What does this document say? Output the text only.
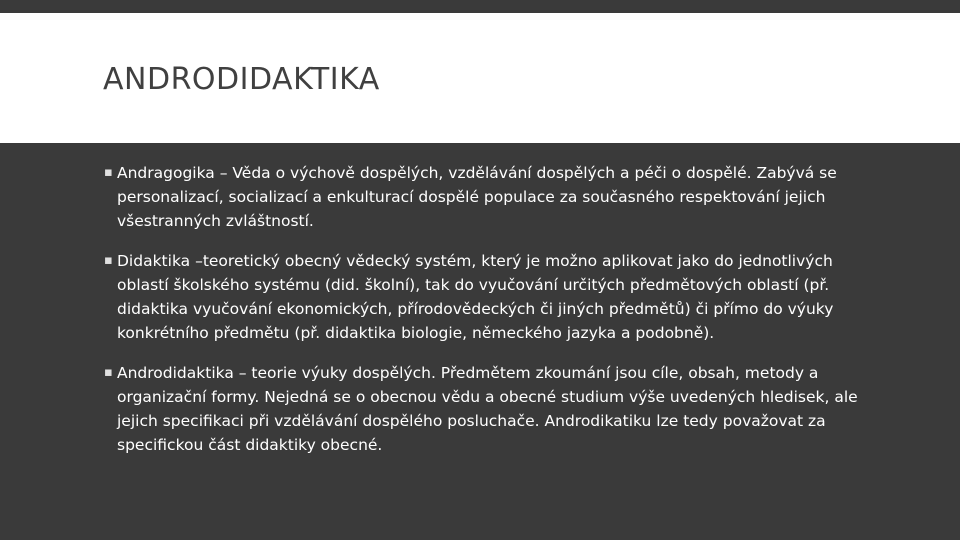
ANDRODIDAKTIKA
▪ Andragogika – Věda o výchově dospělých, vzdělávání dospělých a péči o dospělé. Zabývá se personalizací, socializací a enkulturací dospělé populace za současného respektování jejich všestranných zvláštností.
▪ Didaktika –teoretický obecný vědecký systém, který je možno aplikovat jako do jednotlivých oblastí školského systému (did. školní), tak do vyučování určitých předmětových oblastí (př. didaktika vyučování ekonomických, přírodovědeckých či jiných předmětů) či přímo do výuky konkrétního předmětu (př. didaktika biologie, německého jazyka a podobně).
▪ Androdidaktika – teorie výuky dospělých. Předmětem zkoumání jsou cíle, obsah, metody a organizační formy. Nejedná se o obecnou vědu a obecné studium výše uvedených hledisek, ale jejich specifikaci při vzdělávání dospělého posluchače. Androdikatiku lze tedy považovat za specifickou část didaktiky obecné.
